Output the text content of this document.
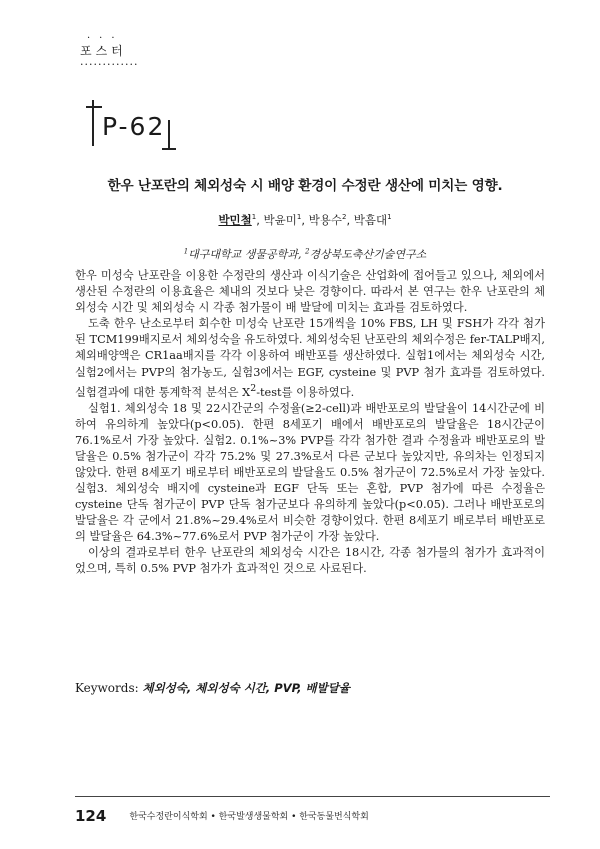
···
포스터
·············
P-62
한우 난포란의 체외성숙 시 배양 환경이 수정란 생산에 미치는 영향.
박민철$^1$, 박윤미$^1$, 박용수$^2$, 박흠대$^1$
$^1$대구대학교 생물공학과, $^2$경상북도축산기술연구소

한우 미성숙 난포란을 이용한 수정란의 생산과 이식기술은 산업화에 접어들고 있으나, 체외에서 생산된 수정란의 이용효율은 체내의 것보다 낮은 경향이다. 따라서 본 연구는 한우 난포란의 체외성숙 시간 및 체외성숙 시 각종 첨가물이 배 발달에 미치는 효과를 검토하였다.

도축 한우 난소로부터 회수한 미성숙 난포란 15개씩을 10% FBS, LH 및 FSH가 각각 첨가된 TCM199배지로서 체외성숙을 유도하였다. 체외성숙된 난포란의 체외수정은 fer-TALP배지, 체외배양액은 CR1aa배지를 각각 이용하여 배반포를 생산하였다. 실험1에서는 체외성숙 시간, 실험2에서는 PVP의 첨가농도, 실험3에서는 EGF, cysteine 및 PVP 첨가 효과를 검토하였다. 실험결과에 대한 통계학적 분석은 $X^2$-test를 이용하였다.

실험1. 체외성숙 18 및 22시간군의 수정율(≥2-cell)과 배반포로의 발달율이 14시간군에 비하여 유의하게 높았다(p<0.05). 한편 8세포기 배에서 배반포로의 발달율은 18시간군이 76.1%로서 가장 높았다. 실험2. 0.1%~3% PVP를 각각 첨가한 결과 수정율과 배반포로의 발달율은 0.5% 첨가군이 각각 75.2% 및 27.3%로서 다른 군보다 높았지만, 유의차는 인정되지 않았다. 한편 8세포기 배로부터 배반포로의 발달율도 0.5% 첨가군이 72.5%로서 가장 높았다. 실험3. 체외성숙 배지에 cysteine과 EGF 단독 또는 혼합, PVP 첨가에 따른 수정율은 cysteine 단독 첨가군이 PVP 단독 첨가군보다 유의하게 높았다(p<0.05). 그러나 배반포로의 발달율은 각 군에서 21.8%~29.4%로서 비슷한 경향이었다. 한편 8세포기 배로부터 배반포로의 발달율은 64.3%~77.6%로서 PVP 첨가군이 가장 높았다.

이상의 결과로부터 한우 난포란의 체외성숙 시간은 18시간, 각종 첨가물의 첨가가 효과적이었으며, 특히 0.5% PVP 첨가가 효과적인 것으로 사료된다.

Keywords: 체외성숙, 체외성숙 시간, PVP, 배발달율
124	한국수정란이식학회 • 한국발생생물학회 • 한국동물번식학회
